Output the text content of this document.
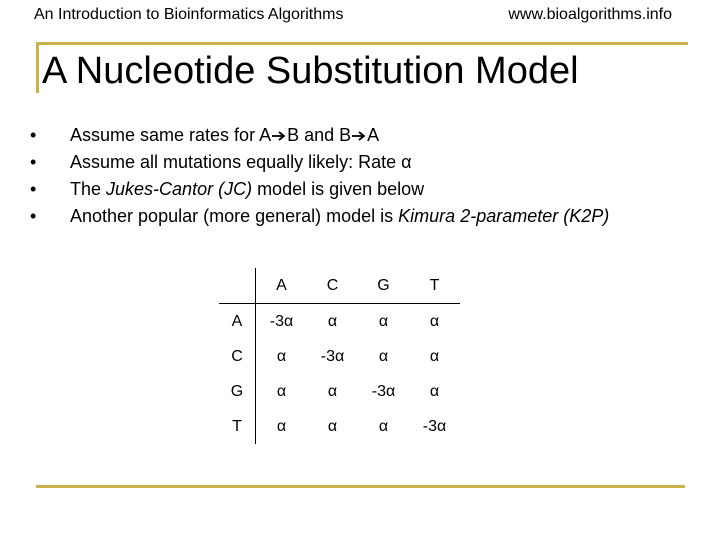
An Introduction to Bioinformatics Algorithms	www.bioalgorithms.info
A Nucleotide Substitution Model
• Assume same rates for A B and B A
• Assume all mutations equally likely: Rate α
• The Jukes-Cantor (JC) model is given below
• Another popular (more general) model is Kimura 2-parameter (K2P)
	A	C	G	T
A	-3α	α	α	α
C	α	-3α	α	α
G	α	α	-3α	α
T	α	α	α	-3α
